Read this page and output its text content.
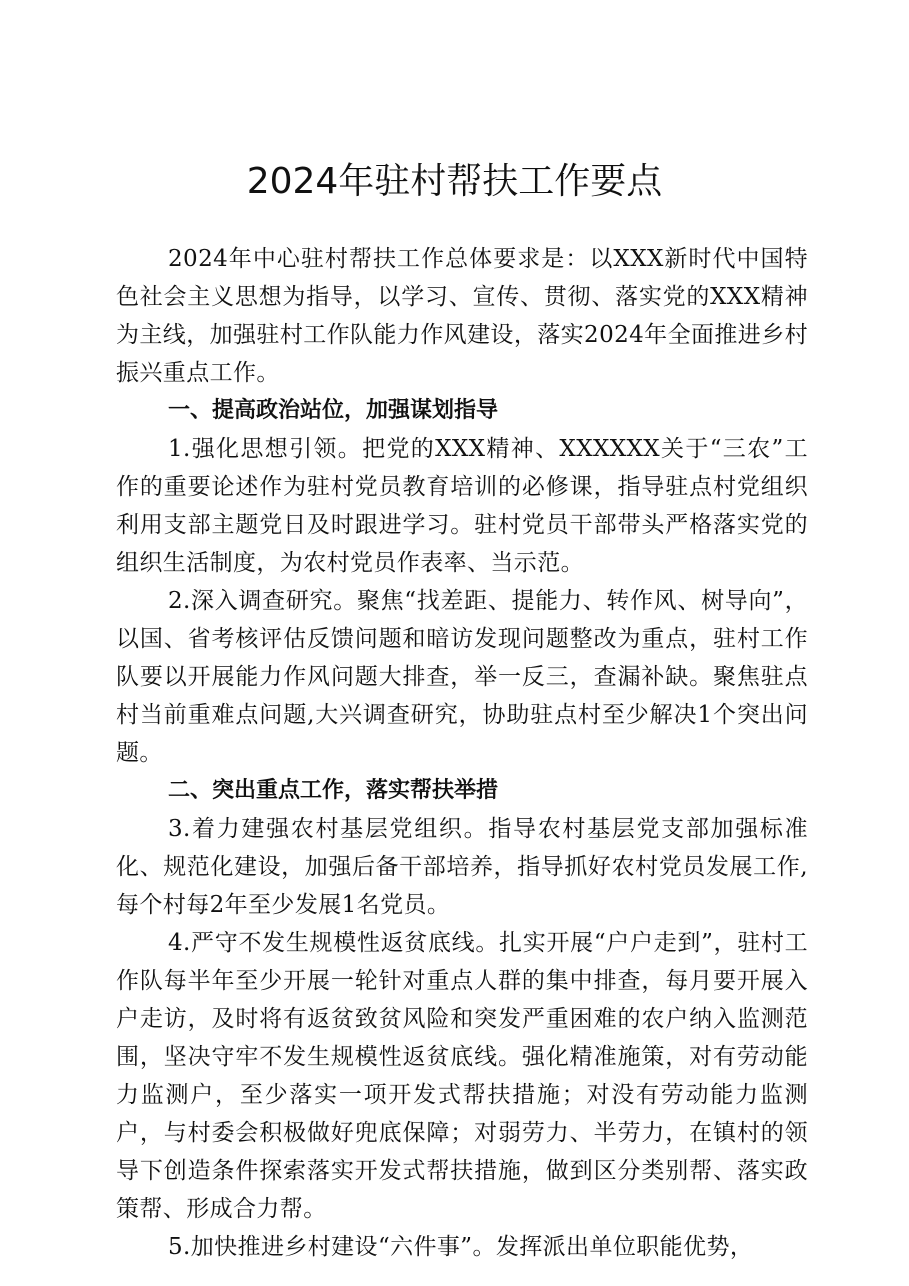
2024年驻村帮扶工作要点

2024年中心驻村帮扶工作总体要求是：以XXX新时代中国特色社会主义思想为指导，以学习、宣传、贯彻、落实党的XXX精神为主线，加强驻村工作队能力作风建设，落实2024年全面推进乡村振兴重点工作。

一、提高政治站位，加强谋划指导

1.强化思想引领。把党的XXX精神、XXXXXX关于“三农”工作的重要论述作为驻村党员教育培训的必修课，指导驻点村党组织利用支部主题党日及时跟进学习。驻村党员干部带头严格落实党的组织生活制度，为农村党员作表率、当示范。

2.深入调查研究。聚焦“找差距、提能力、转作风、树导向”，以国、省考核评估反馈问题和暗访发现问题整改为重点，驻村工作队要以开展能力作风问题大排查，举一反三，查漏补缺。聚焦驻点村当前重难点问题,大兴调查研究，协助驻点村至少解决1个突出问题。

二、突出重点工作，落实帮扶举措

3.着力建强农村基层党组织。指导农村基层党支部加强标准化、规范化建设，加强后备干部培养，指导抓好农村党员发展工作,每个村每2年至少发展1名党员。

4.严守不发生规模性返贫底线。扎实开展“户户走到”，驻村工作队每半年至少开展一轮针对重点人群的集中排查，每月要开展入户走访，及时将有返贫致贫风险和突发严重困难的农户纳入监测范围，坚决守牢不发生规模性返贫底线。强化精准施策，对有劳动能力监测户，至少落实一项开发式帮扶措施；对没有劳动能力监测户，与村委会积极做好兜底保障；对弱劳力、半劳力，在镇村的领导下创造条件探索落实开发式帮扶措施，做到区分类别帮、落实政策帮、形成合力帮。

5.加快推进乡村建设“六件事”。发挥派出单位职能优势，
